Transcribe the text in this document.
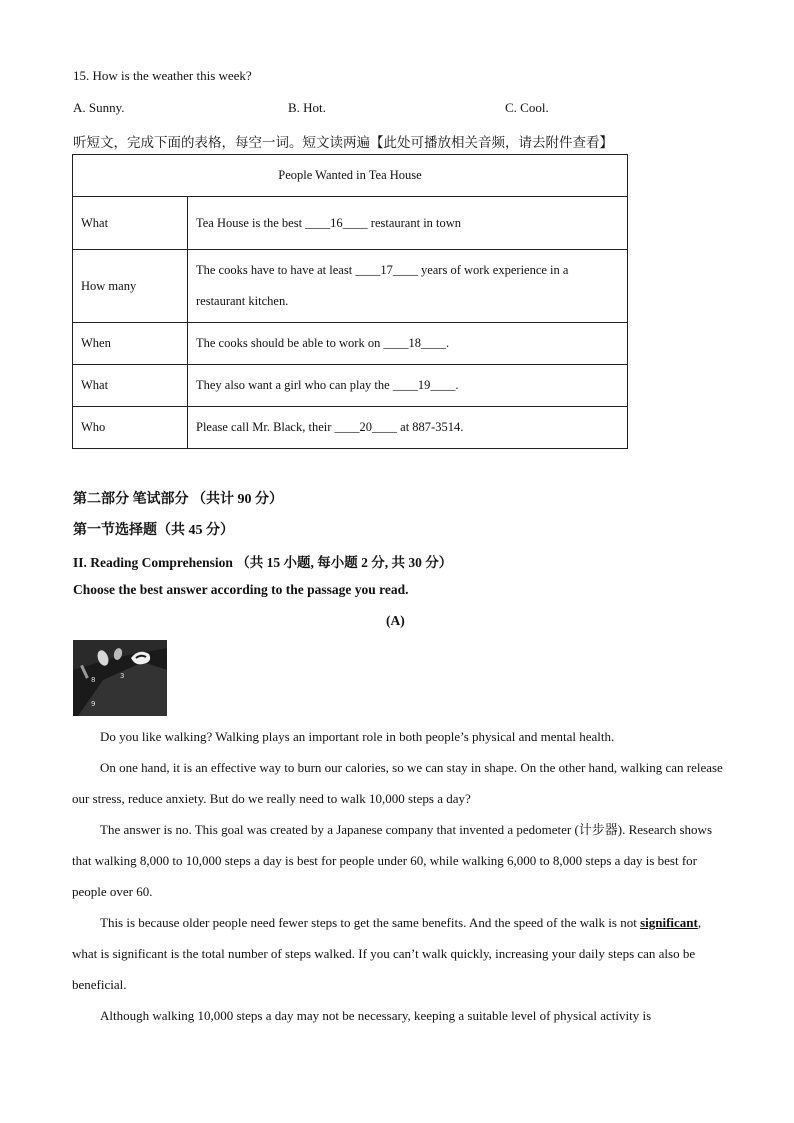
15. How is the weather this week?
A. Sunny.	B. Hot.	C. Cool.
听短文，完成下面的表格，每空一词。短文读两遍【此处可播放相关音频，请去附件查看】
People Wanted in Tea House	
What	Tea House is the best ____16____ restaurant in town
How many	The cooks have to have at least ____17____ years of work experience in a
restaurant kitchen.
When	The cooks should be able to work on ____18____.
What	They also want a girl who can play the ____19____.
Who	Please call Mr. Black, their ____20____ at 887-3514.
第二部分 笔试部分 （共计 90 分）
第一节选择题（共 45 分）
II. Reading Comprehension （共 15 小题, 每小题 2 分, 共 30 分）
Choose the best answer according to the passage you read.
(A)
8	3
9

Do you like walking? Walking plays an important role in both people’s physical and mental health.

On one hand, it is an effective way to burn our calories, so we can stay in shape. On the other hand, walking can release our stress, reduce anxiety. But do we really need to walk 10,000 steps a day?

The answer is no. This goal was created by a Japanese company that invented a pedometer (计步器). Research shows that walking 8,000 to 10,000 steps a day is best for people under 60, while walking 6,000 to 8,000 steps a day is best for people over 60.

This is because older people need fewer steps to get the same benefits. And the speed of the walk is not significant, what is significant is the total number of steps walked. If you can’t walk quickly, increasing your daily steps can also be beneficial.

Although walking 10,000 steps a day may not be necessary, keeping a suitable level of physical activity is
